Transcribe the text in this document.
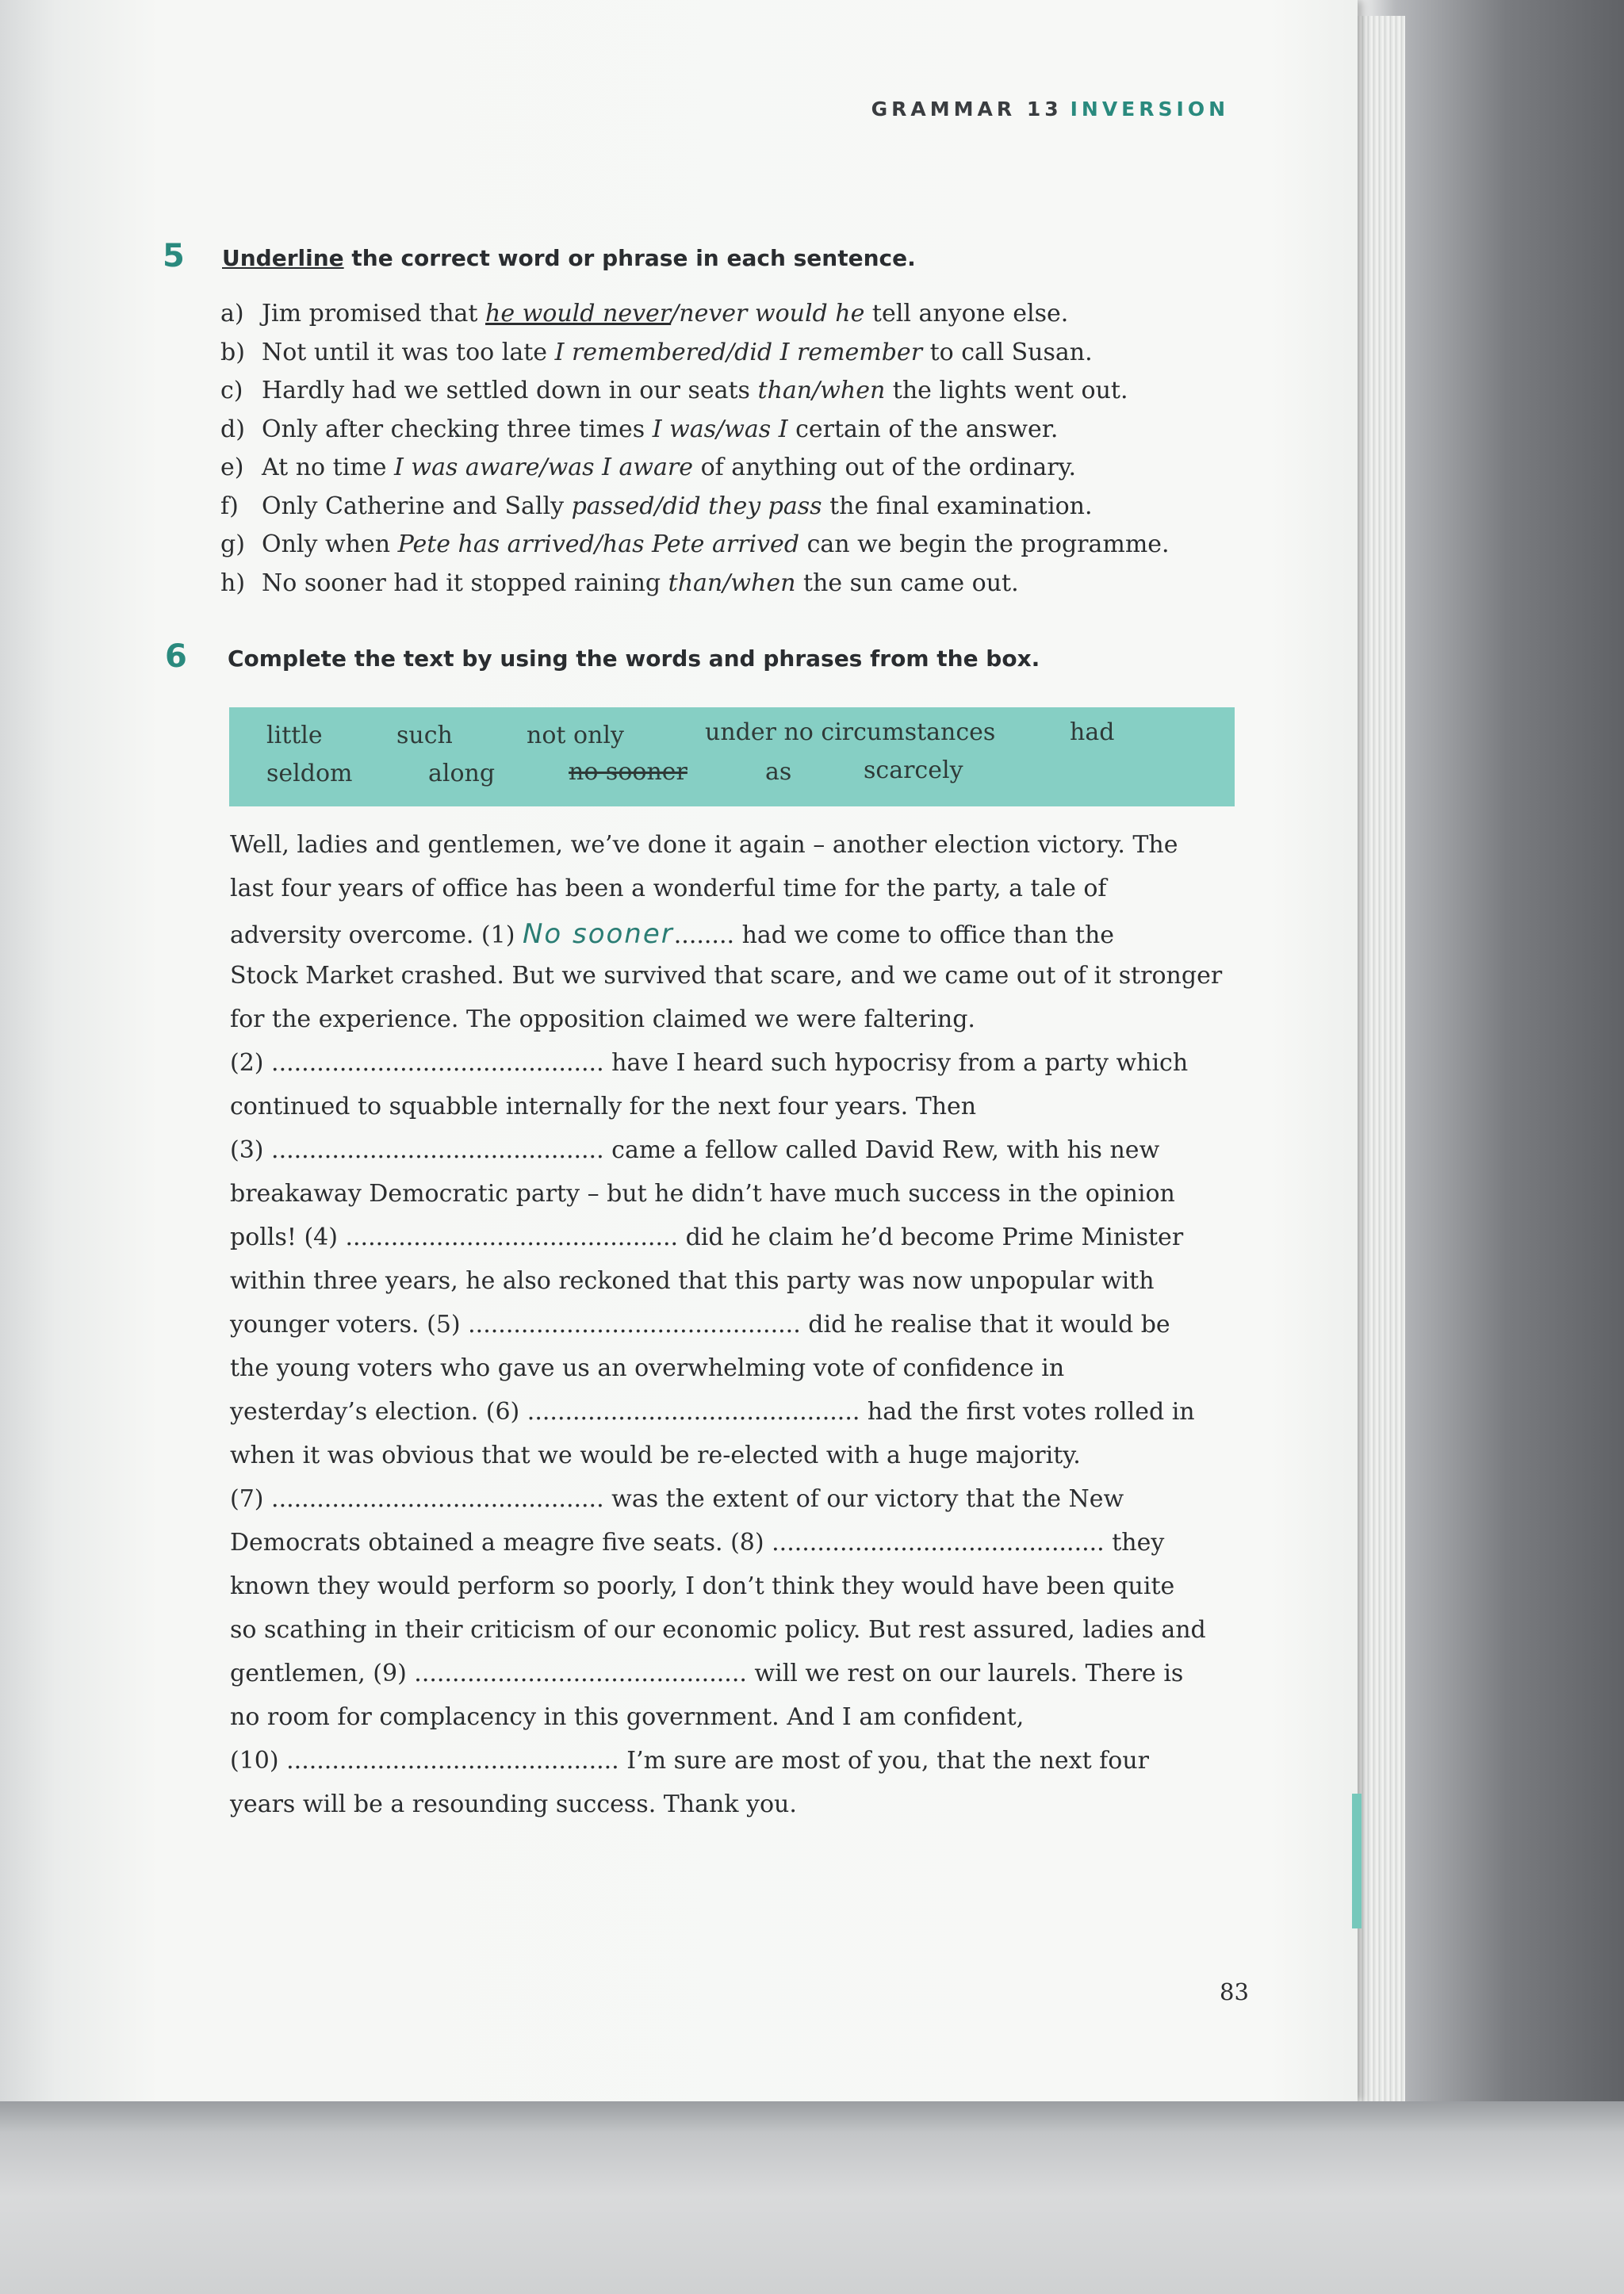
GRAMMAR 13 INVERSION
5 Underline the correct word or phrase in each sentence.
a) Jim promised that he would never/never would he tell anyone else.
b) Not until it was too late I remembered/did I remember to call Susan.
c) Hardly had we settled down in our seats than/when the lights went out.
d) Only after checking three times I was/was I certain of the answer.
e) At no time I was aware/was I aware of anything out of the ordinary.
f) Only Catherine and Sally passed/did they pass the final examination.
g) Only when Pete has arrived/has Pete arrived can we begin the programme.
h) No sooner had it stopped raining than/when the sun came out.
6 Complete the text by using the words and phrases from the box.
little	such	not only	under no circumstances	had
seldom	along	no sooner	as	scarcely
Well, ladies and gentlemen, we’ve done it again – another election victory. The
last four years of office has been a wonderful time for the party, a tale of
adversity overcome. (1) No sooner........ had we come to office than the
Stock Market crashed. But we survived that scare, and we came out of it stronger
for the experience. The opposition claimed we were faltering.
(2) ............................................ have I heard such hypocrisy from a party which
continued to squabble internally for the next four years. Then
(3) ............................................ came a fellow called David Rew, with his new
breakaway Democratic party – but he didn’t have much success in the opinion
polls! (4) ............................................ did he claim he’d become Prime Minister
within three years, he also reckoned that this party was now unpopular with
younger voters. (5) ............................................ did he realise that it would be
the young voters who gave us an overwhelming vote of confidence in
yesterday’s election. (6) ............................................ had the first votes rolled in
when it was obvious that we would be re-elected with a huge majority.
(7) ............................................ was the extent of our victory that the New
Democrats obtained a meagre five seats. (8) ............................................ they
known they would perform so poorly, I don’t think they would have been quite
so scathing in their criticism of our economic policy. But rest assured, ladies and
gentlemen, (9) ............................................ will we rest on our laurels. There is
no room for complacency in this government. And I am confident,
(10) ............................................ I’m sure are most of you, that the next four
years will be a resounding success. Thank you.
83
